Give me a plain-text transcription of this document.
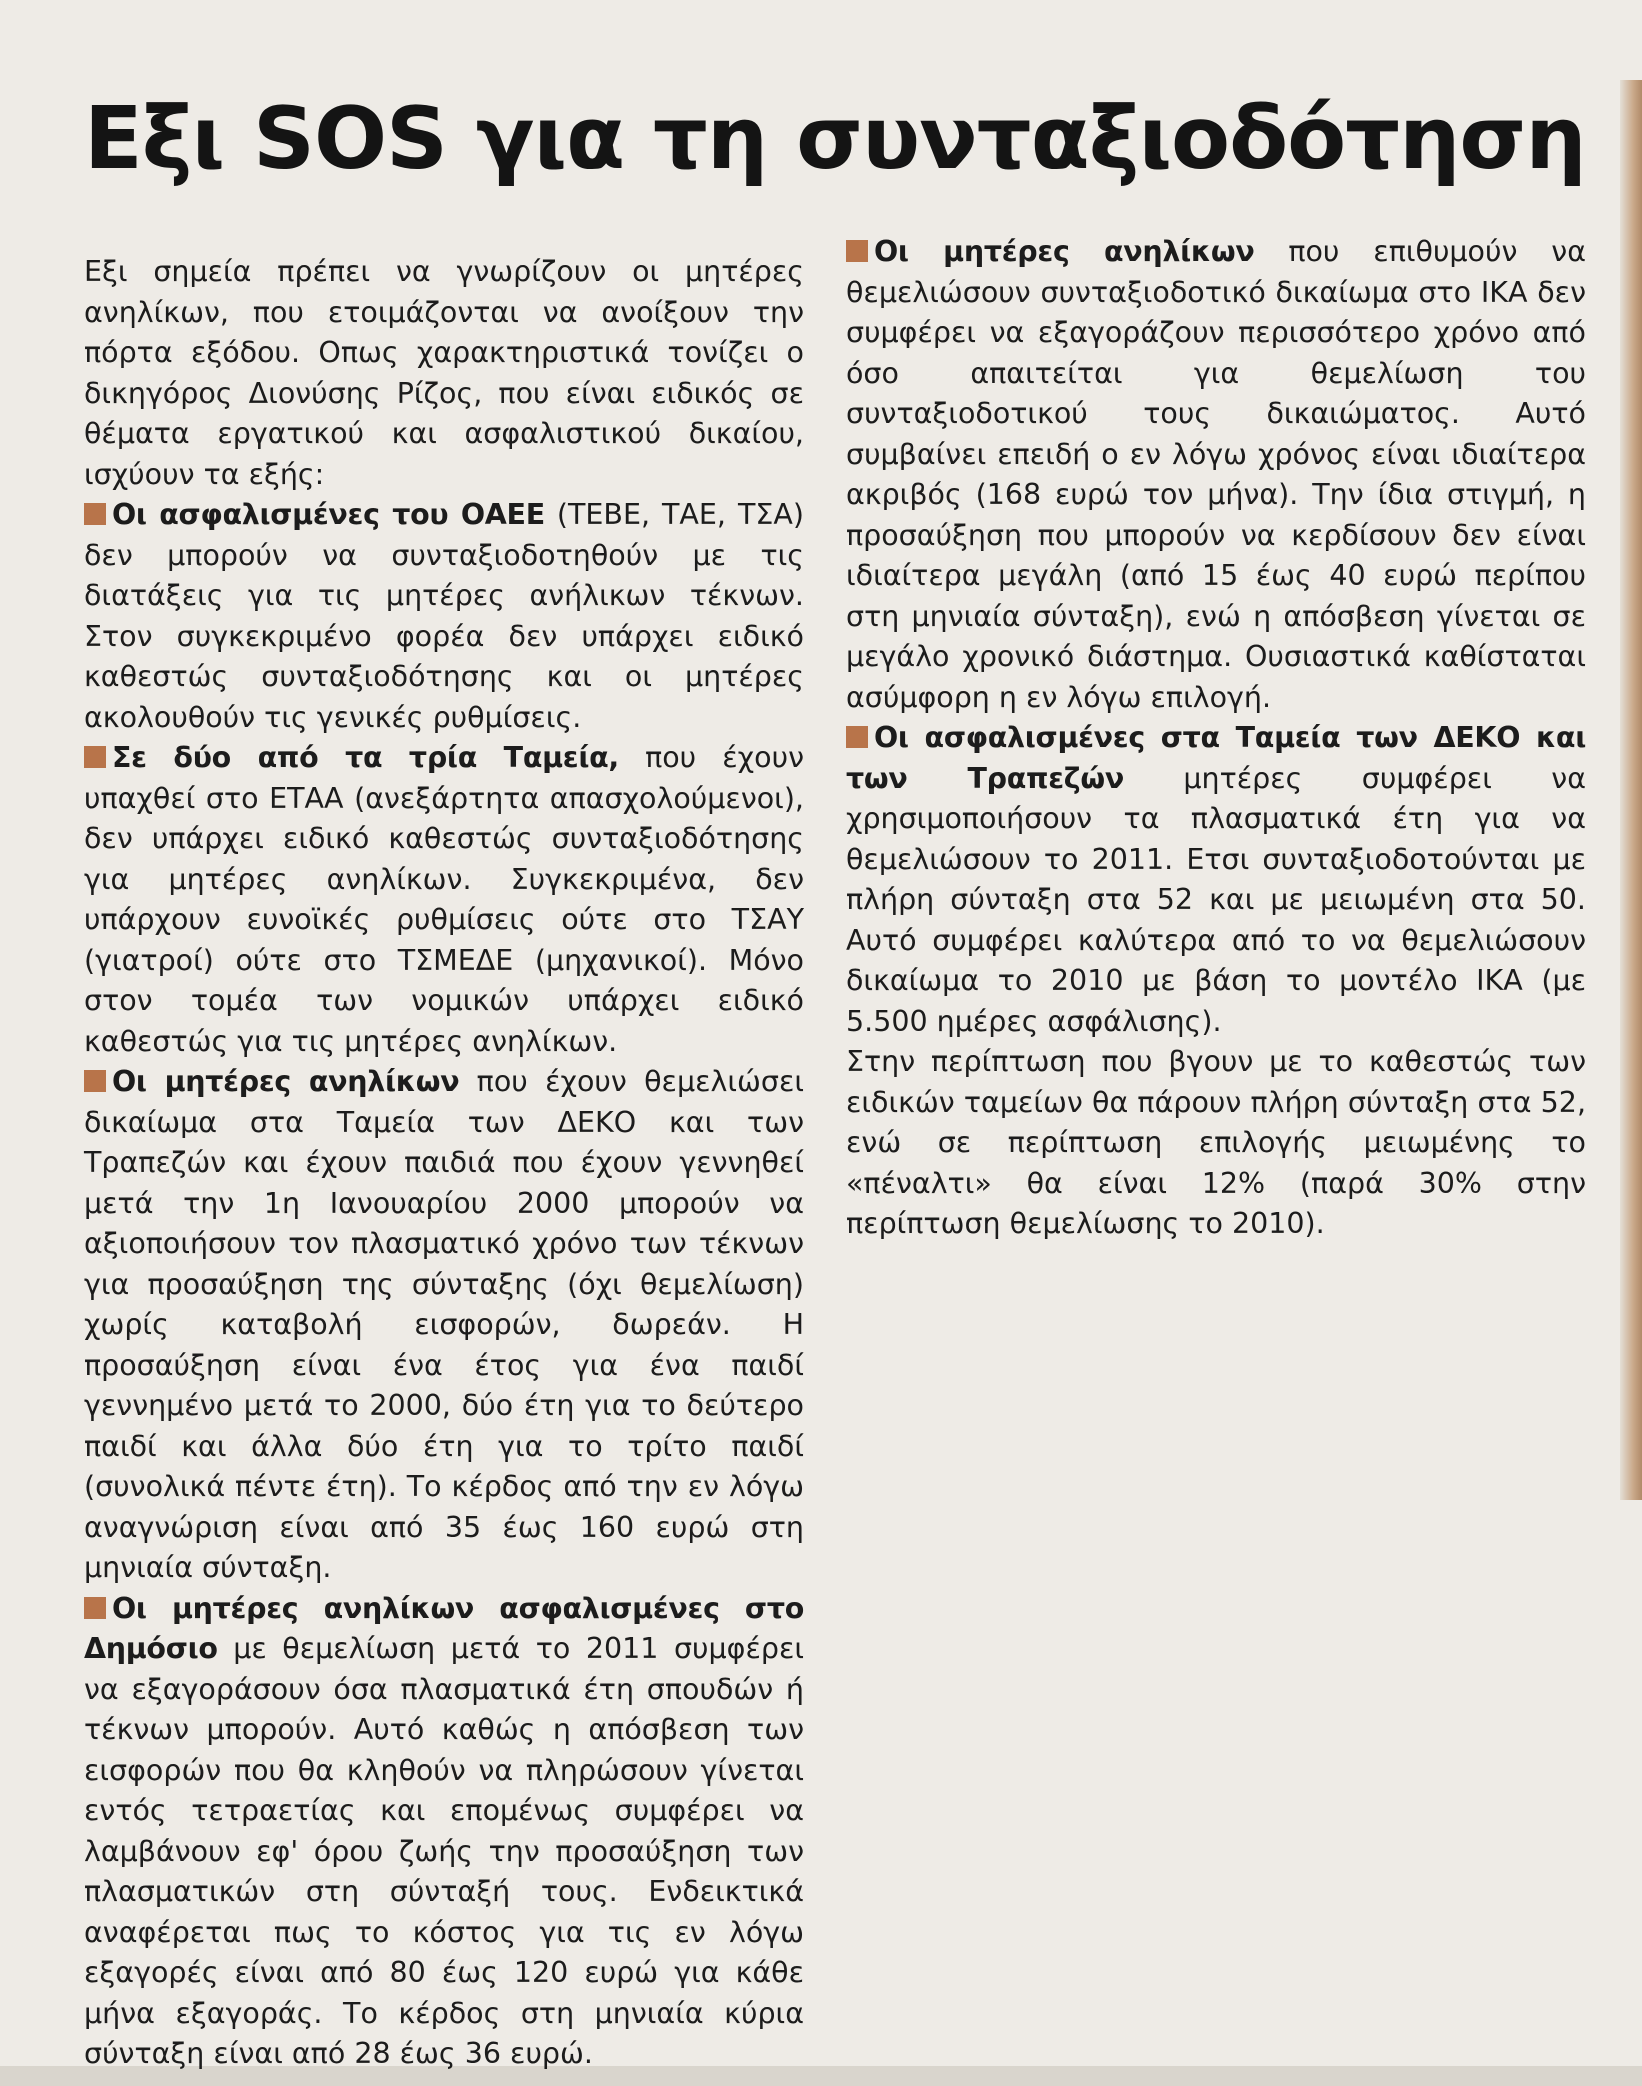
Εξι SOS για τη συνταξιοδότηση

Εξι σημεία πρέπει να γνωρίζουν οι μητέρες ανηλίκων, που ετοιμάζονται να ανοίξουν την πόρτα εξόδου. Οπως χαρακτηριστικά τονίζει ο δικηγόρος Διονύσης Ρίζος, που είναι ειδικός σε θέματα εργατικού και ασφαλιστικού δικαίου, ισχύουν τα εξής:

Οι ασφαλισμένες του ΟΑΕΕ (ΤΕΒΕ, ΤΑΕ, ΤΣΑ) δεν μπορούν να συνταξιοδοτηθούν με τις διατάξεις για τις μητέρες ανήλικων τέκνων. Στον συγκεκριμένο φορέα δεν υπάρχει ειδικό καθεστώς συνταξιοδότησης και οι μητέρες ακολουθούν τις γενικές ρυθμίσεις.

Σε δύο από τα τρία Ταμεία, που έχουν υπαχθεί στο ΕΤΑΑ (ανεξάρτητα απασχολούμενοι), δεν υπάρχει ειδικό καθεστώς συνταξιοδότησης για μητέρες ανηλίκων. Συγκεκριμένα, δεν υπάρχουν ευνοϊκές ρυθμίσεις ούτε στο ΤΣΑΥ (γιατροί) ούτε στο ΤΣΜΕΔΕ (μηχανικοί). Μόνο στον τομέα των νομικών υπάρχει ειδικό καθεστώς για τις μητέρες ανηλίκων.

Οι μητέρες ανηλίκων που έχουν θεμελιώσει δικαίωμα στα Ταμεία των ΔΕΚΟ και των Τραπεζών και έχουν παιδιά που έχουν γεννηθεί μετά την 1η Ιανουαρίου 2000 μπορούν να αξιοποιήσουν τον πλασματικό χρόνο των τέκνων για προσαύξηση της σύνταξης (όχι θεμελίωση) χωρίς καταβολή εισφορών, δωρεάν. Η προσαύξηση είναι ένα έτος για ένα παιδί γεννημένο μετά το 2000, δύο έτη για το δεύτερο παιδί και άλλα δύο έτη για το τρίτο παιδί (συνολικά πέντε έτη). Το κέρδος από την εν λόγω αναγνώριση είναι από 35 έως 160 ευρώ στη μηνιαία σύνταξη.

Οι μητέρες ανηλίκων ασφαλισμένες στο Δημόσιο με θεμελίωση μετά το 2011 συμφέρει να εξαγοράσουν όσα πλασματικά έτη σπουδών ή τέκνων μπορούν. Αυτό καθώς η απόσβεση των εισφορών που θα κληθούν να πληρώσουν γίνεται εντός τετραετίας και επομένως συμφέρει να λαμβάνουν εφ' όρου ζωής την προσαύξηση των πλασματικών στη σύνταξή τους. Ενδεικτικά αναφέρεται πως το κόστος για τις εν λόγω εξαγορές είναι από 80 έως 120 ευρώ για κάθε μήνα εξαγοράς. Το κέρδος στη μηνιαία κύρια σύνταξη είναι από 28 έως 36 ευρώ.

Οι μητέρες ανηλίκων που επιθυμούν να θεμελιώσουν συνταξιοδοτικό δικαίωμα στο ΙΚΑ δεν συμφέρει να εξαγοράζουν περισσότερο χρόνο από όσο απαιτείται για θεμελίωση του συνταξιοδοτικού τους δικαιώματος. Αυτό συμβαίνει επειδή ο εν λόγω χρόνος είναι ιδιαίτερα ακριβός (168 ευρώ τον μήνα). Την ίδια στιγμή, η προσαύξηση που μπορούν να κερδίσουν δεν είναι ιδιαίτερα μεγάλη (από 15 έως 40 ευρώ περίπου στη μηνιαία σύνταξη), ενώ η απόσβεση γίνεται σε μεγάλο χρονικό διάστημα. Ουσιαστικά καθίσταται ασύμφορη η εν λόγω επιλογή.

Οι ασφαλισμένες στα Ταμεία των ΔΕΚΟ και των Τραπεζών μητέρες συμφέρει να χρησιμοποιήσουν τα πλασματικά έτη για να θεμελιώσουν το 2011. Ετσι συνταξιοδοτούνται με πλήρη σύνταξη στα 52 και με μειωμένη στα 50. Αυτό συμφέρει καλύτερα από το να θεμελιώσουν δικαίωμα το 2010 με βάση το μοντέλο ΙΚΑ (με 5.500 ημέρες ασφάλισης).

Στην περίπτωση που βγουν με το καθεστώς των ειδικών ταμείων θα πάρουν πλήρη σύνταξη στα 52, ενώ σε περίπτωση επιλογής μειωμένης το «πέναλτι» θα είναι 12% (παρά 30% στην περίπτωση θεμελίωσης το 2010).
